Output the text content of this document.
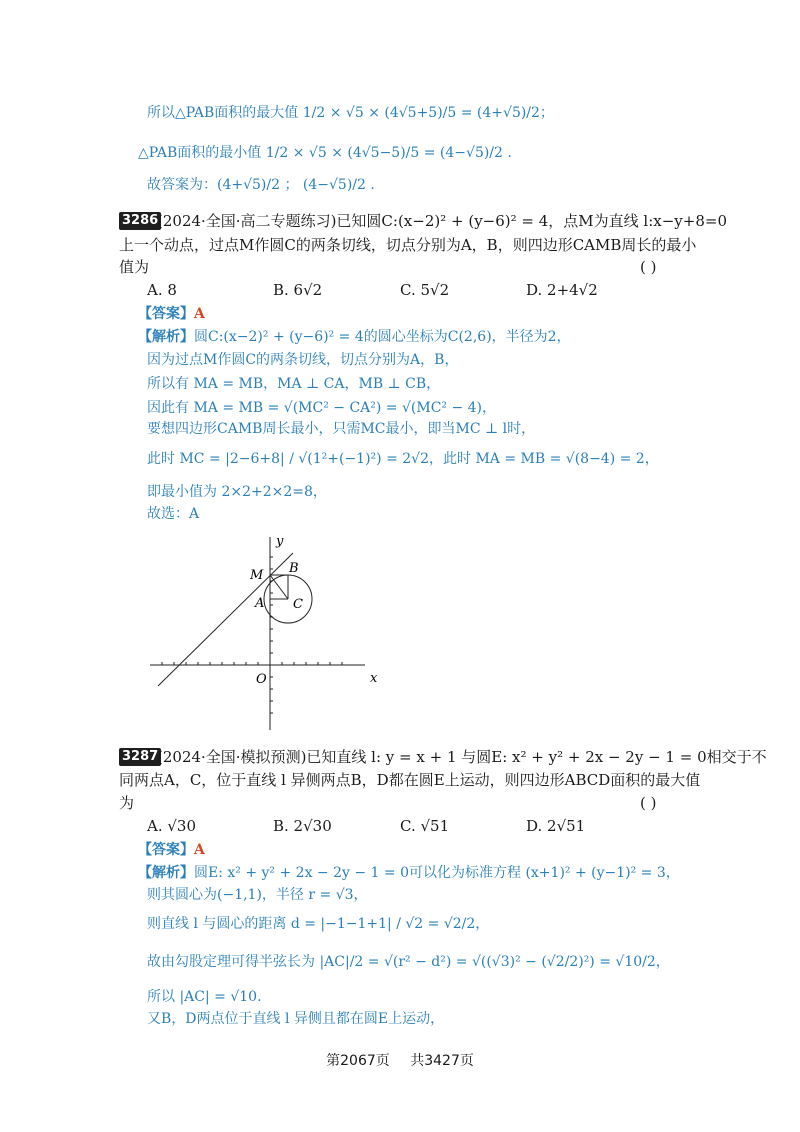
所以△PAB面积的最大值 1/2 × √5 × (4√5+5)/5 = (4+√5)/2；
△PAB面积的最小值 1/2 × √5 × (4√5−5)/5 = (4−√5)/2 .
故答案为：(4+√5)/2 ； (4−√5)/2 .
3286
(2024·全国·高二专题练习)已知圆C:(x−2)² + (y−6)² = 4，点M为直线 l:x−y+8=0
上一个动点，过点M作圆C的两条切线，切点分别为A，B，则四边形CAMB周长的最小
值为	( )
A. 8	B. 6√2	C. 5√2	D. 2+4√2
【答案】A
【解析】圆C:(x−2)² + (y−6)² = 4的圆心坐标为C(2,6)，半径为2，
因为过点M作圆C的两条切线，切点分别为A，B，
所以有 MA = MB，MA ⊥ CA，MB ⊥ CB，
因此有 MA = MB = √(MC² − CA²) = √(MC² − 4)，
要想四边形CAMB周长最小，只需MC最小，即当MC ⊥ l时，
此时 MC = |2−6+8| / √(1²+(−1)²) = 2√2，此时 MA = MB = √(8−4) = 2，
即最小值为 2×2+2×2=8，
故选：A
y
x
O
M B
A C
3287
(2024·全国·模拟预测)已知直线 l: y = x + 1 与圆E: x² + y² + 2x − 2y − 1 = 0相交于不
同两点A，C，位于直线 l 异侧两点B，D都在圆E上运动，则四边形ABCD面积的最大值
为	( )
A. √30	B. 2√30	C. √51	D. 2√51
【答案】A
【解析】圆E: x² + y² + 2x − 2y − 1 = 0可以化为标准方程 (x+1)² + (y−1)² = 3，
则其圆心为(−1,1)，半径 r = √3，
则直线 l 与圆心的距离 d = |−1−1+1| / √2 = √2/2，
故由勾股定理可得半弦长为 |AC|/2 = √(r² − d²) = √((√3)² − (√2/2)²) = √10/2，
所以 |AC| = √10.
又B，D两点位于直线 l 异侧且都在圆E上运动，
第2067页 共3427页
